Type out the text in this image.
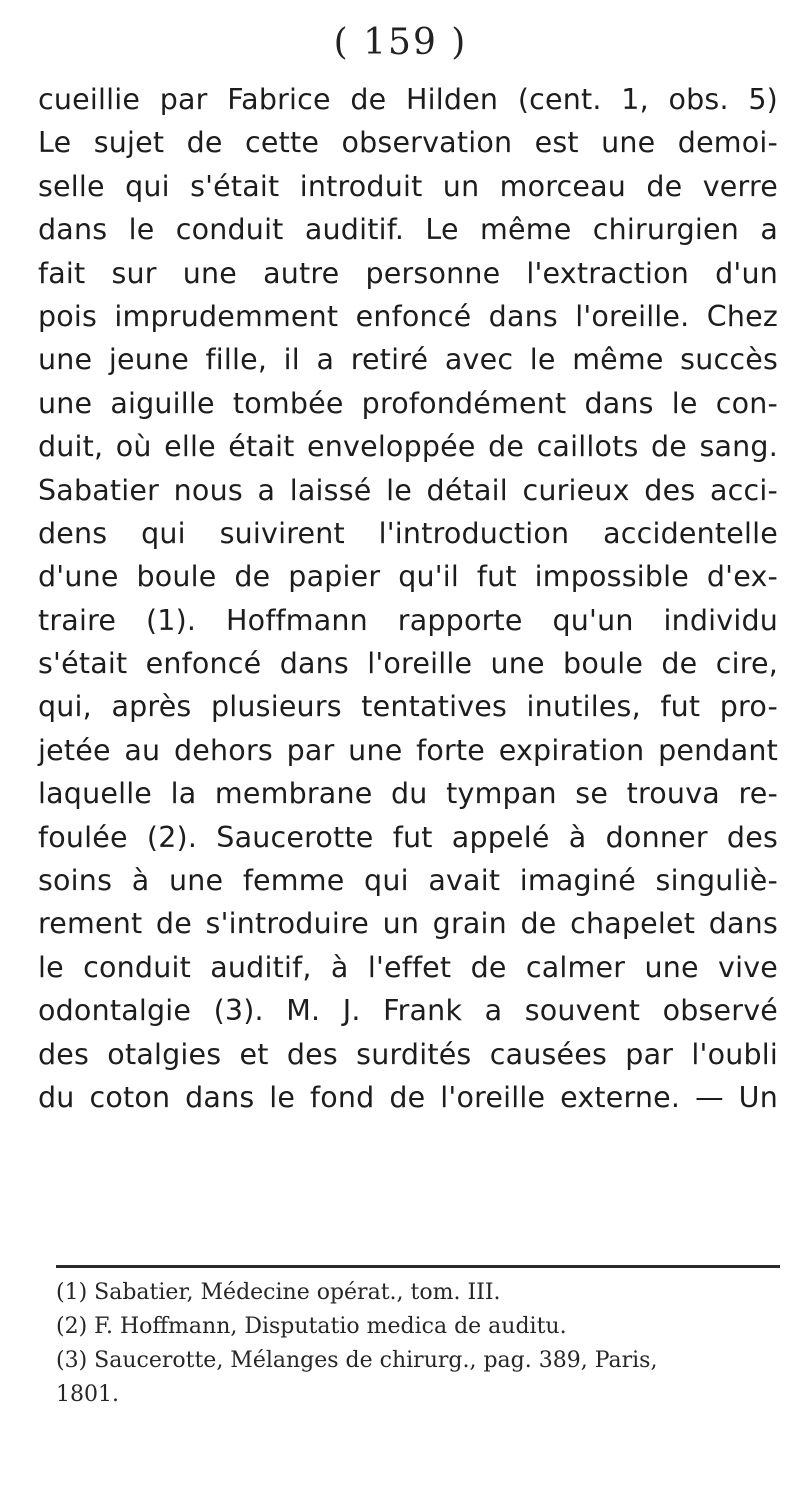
( 159 )
cueillie par Fabrice de Hilden (cent. 1, obs. 5)
Le sujet de cette observation est une demoi-
selle qui s'était introduit un morceau de verre
dans le conduit auditif. Le même chirurgien a
fait sur une autre personne l'extraction d'un
pois imprudemment enfoncé dans l'oreille. Chez
une jeune fille, il a retiré avec le même succès
une aiguille tombée profondément dans le con-
duit, où elle était enveloppée de caillots de sang.
Sabatier nous a laissé le détail curieux des acci-
dens qui suivirent l'introduction accidentelle
d'une boule de papier qu'il fut impossible d'ex-
traire (1). Hoffmann rapporte qu'un individu
s'était enfoncé dans l'oreille une boule de cire,
qui, après plusieurs tentatives inutiles, fut pro-
jetée au dehors par une forte expiration pendant
laquelle la membrane du tympan se trouva re-
foulée (2). Saucerotte fut appelé à donner des
soins à une femme qui avait imaginé singuliè-
rement de s'introduire un grain de chapelet dans
le conduit auditif, à l'effet de calmer une vive
odontalgie (3). M. J. Frank a souvent observé
des otalgies et des surdités causées par l'oubli
du coton dans le fond de l'oreille externe. — Un
(1) Sabatier, Médecine opérat., tom. III.
(2) F. Hoffmann, Disputatio medica de auditu.
(3) Saucerotte, Mélanges de chirurg., pag. 389, Paris,
1801.
